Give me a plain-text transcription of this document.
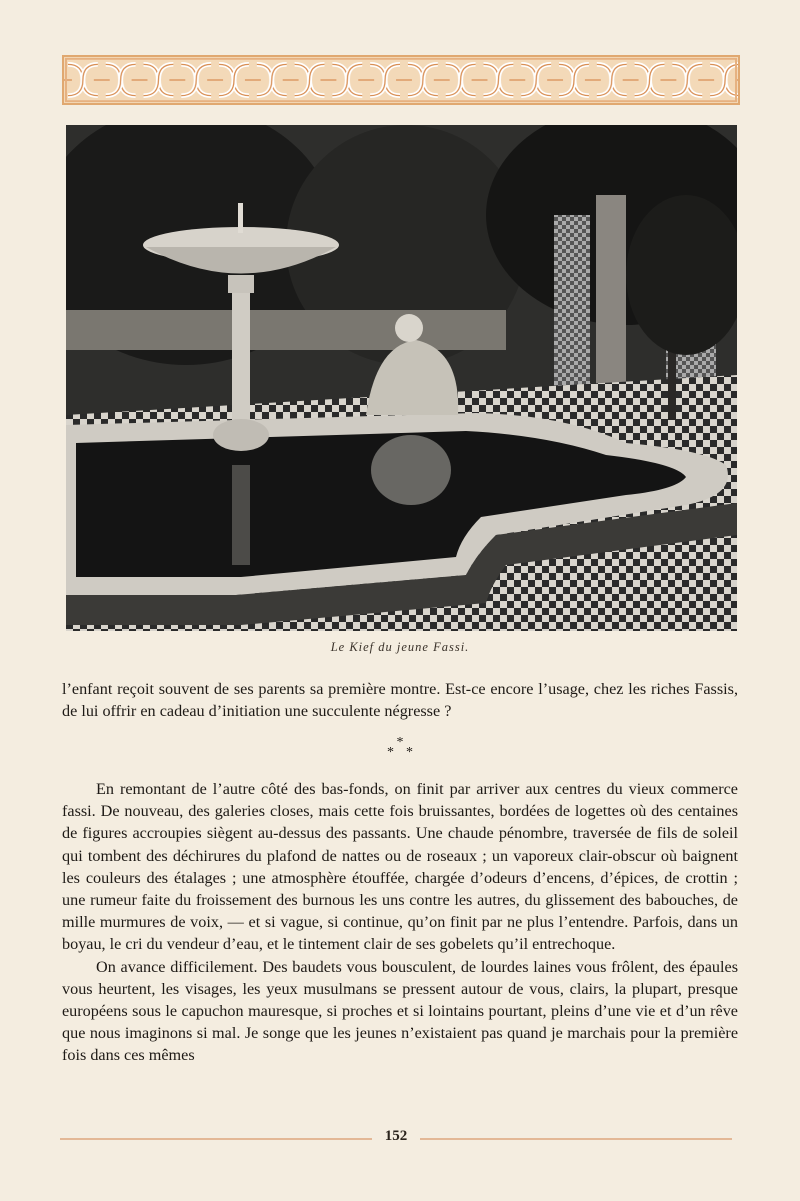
Le Kief du jeune Fassi.

l’enfant reçoit souvent de ses parents sa première montre. Est-ce encore l’usage, chez les riches Fassis, de lui offrir en cadeau d’initiation une succulente négresse ?

*
* *

En remontant de l’autre côté des bas-fonds, on finit par arriver aux centres du vieux commerce fassi. De nouveau, des galeries closes, mais cette fois bruissantes, bordées de logettes où des centaines de figures accroupies siègent au-dessus des passants. Une chaude pénombre, traversée de fils de soleil qui tombent des déchirures du plafond de nattes ou de roseaux ; un vaporeux clair-obscur où baignent les couleurs des étalages ; une atmosphère étouffée, chargée d’odeurs d’encens, d’épices, de crottin ; une rumeur faite du froissement des burnous les uns contre les autres, du glissement des babouches, de mille murmures de voix, — et si vague, si continue, qu’on finit par ne plus l’entendre. Parfois, dans un boyau, le cri du vendeur d’eau, et le tintement clair de ses gobelets qu’il entrechoque.

On avance difficilement. Des baudets vous bousculent, de lourdes laines vous frôlent, des épaules vous heurtent, les visages, les yeux musulmans se pressent autour de vous, clairs, la plupart, presque européens sous le capuchon mauresque, si proches et si lointains pourtant, pleins d’une vie et d’un rêve que nous imaginons si mal. Je songe que les jeunes n’existaient pas quand je marchais pour la première fois dans ces mêmes

152
